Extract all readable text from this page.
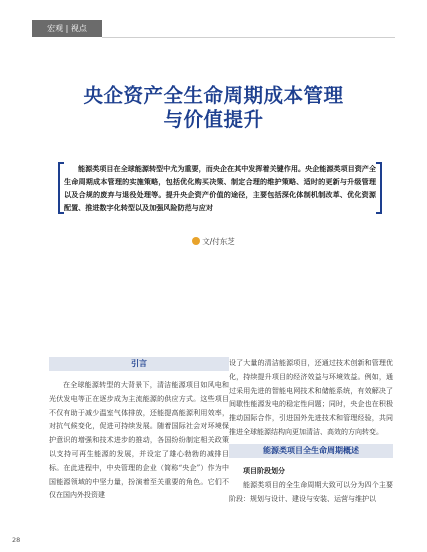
宏观 | 视点
央企资产全生命周期成本管理
与价值提升

能源类项目在全球能源转型中尤为重要，而央企在其中发挥着关键作用。央企能源类项目资产全生命周期成本管理的实施策略，包括优化购买决策、制定合理的维护策略、适时的更新与升级管理以及合规的废弃与退役处理等。提升央企资产价值的途径，主要包括深化体制机制改革、优化资源配置、推进数字化转型以及加强风险防范与应对

文/付东芝
引言

在全球能源转型的大背景下，清洁能源项目如风电和光伏发电等正在逐步成为主流能源的供应方式。这些项目不仅有助于减少温室气体排放，还能提高能源利用效率，对抗气候变化，促进可持续发展。随着国际社会对环境保护意识的增强和技术进步的推动，各国纷纷制定相关政策以支持可再生能源的发展，并设定了雄心勃勃的减排目标。在此进程中，中央管理的企业（简称“央企”）作为中国能源领域的中坚力量，扮演着至关重要的角色。它们不仅在国内外投资建

设了大量的清洁能源项目，还通过技术创新和管理优化，持续提升项目的经济效益与环境效益。例如，通过采用先进的智能电网技术和储能系统，有效解决了间歇性能源发电的稳定性问题；同时，央企也在积极推动国际合作，引进国外先进技术和管理经验，共同推进全球能源结构向更加清洁、高效的方向转变。

能源类项目全生命周期概述
项目阶段划分

能源类项目的全生命周期大致可以分为四个主要阶段：规划与设计、建设与安装、运营与维护以

28
